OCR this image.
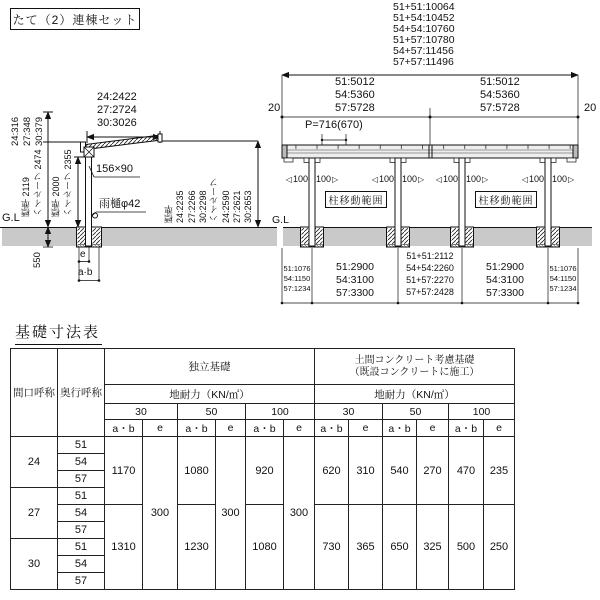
たて（2）連棟セット
24:2422
27:2724
30:3026
24:316 27:348 30:379
標準 2119 ハイルーフ 2474 標準 2000 ハイルーフ 2355 156×90
雨樋φ42
標準 24:2235 27:2266 30:2298 ハイルーフ 24:2590 27:2621 30:2653
G.L
550	e
a·b
51+51:10064
51+54:10452
54+54:10760
51+57:10780
54+57:11456
57+57:11496
51:5012
54:5360
57:5728
51:5012
54:5360
57:5728
20	20
P=716(670)
◁ 100 100 ▷	◁ 100 100 ▷ ◁ 100 100 ▷	◁ 100 100 ▷
柱移動範囲	柱移動範囲
G.L
51:1076
54:1150
57:1234
51:2900
54:3100
57:3300
51+51:2112
54+54:2260
51+57:2270
57+57:2428
51:2900
54:3100
57:3300
51:1076
54:1150
57:1234
基礎寸法表
間口呼称	奥行呼称	独立基礎						土間コンクリート考慮基礎
（既設コンクリートに施工）					

		地耐力（KN/㎡）						地耐力（KN/㎡）					
		30		50		100		30		50		100	
		a・b	e	a・b	e	a・b	e	a・b	e	a・b	e	a・b	e
24	51	1170	300	1080	300	920	300	620	310	540	270	470	235
	54												
	57												
27	51												
	54	1310		1230		1080		730	365	650	325	500	250
	57												
30	51												
	54												
	57												
